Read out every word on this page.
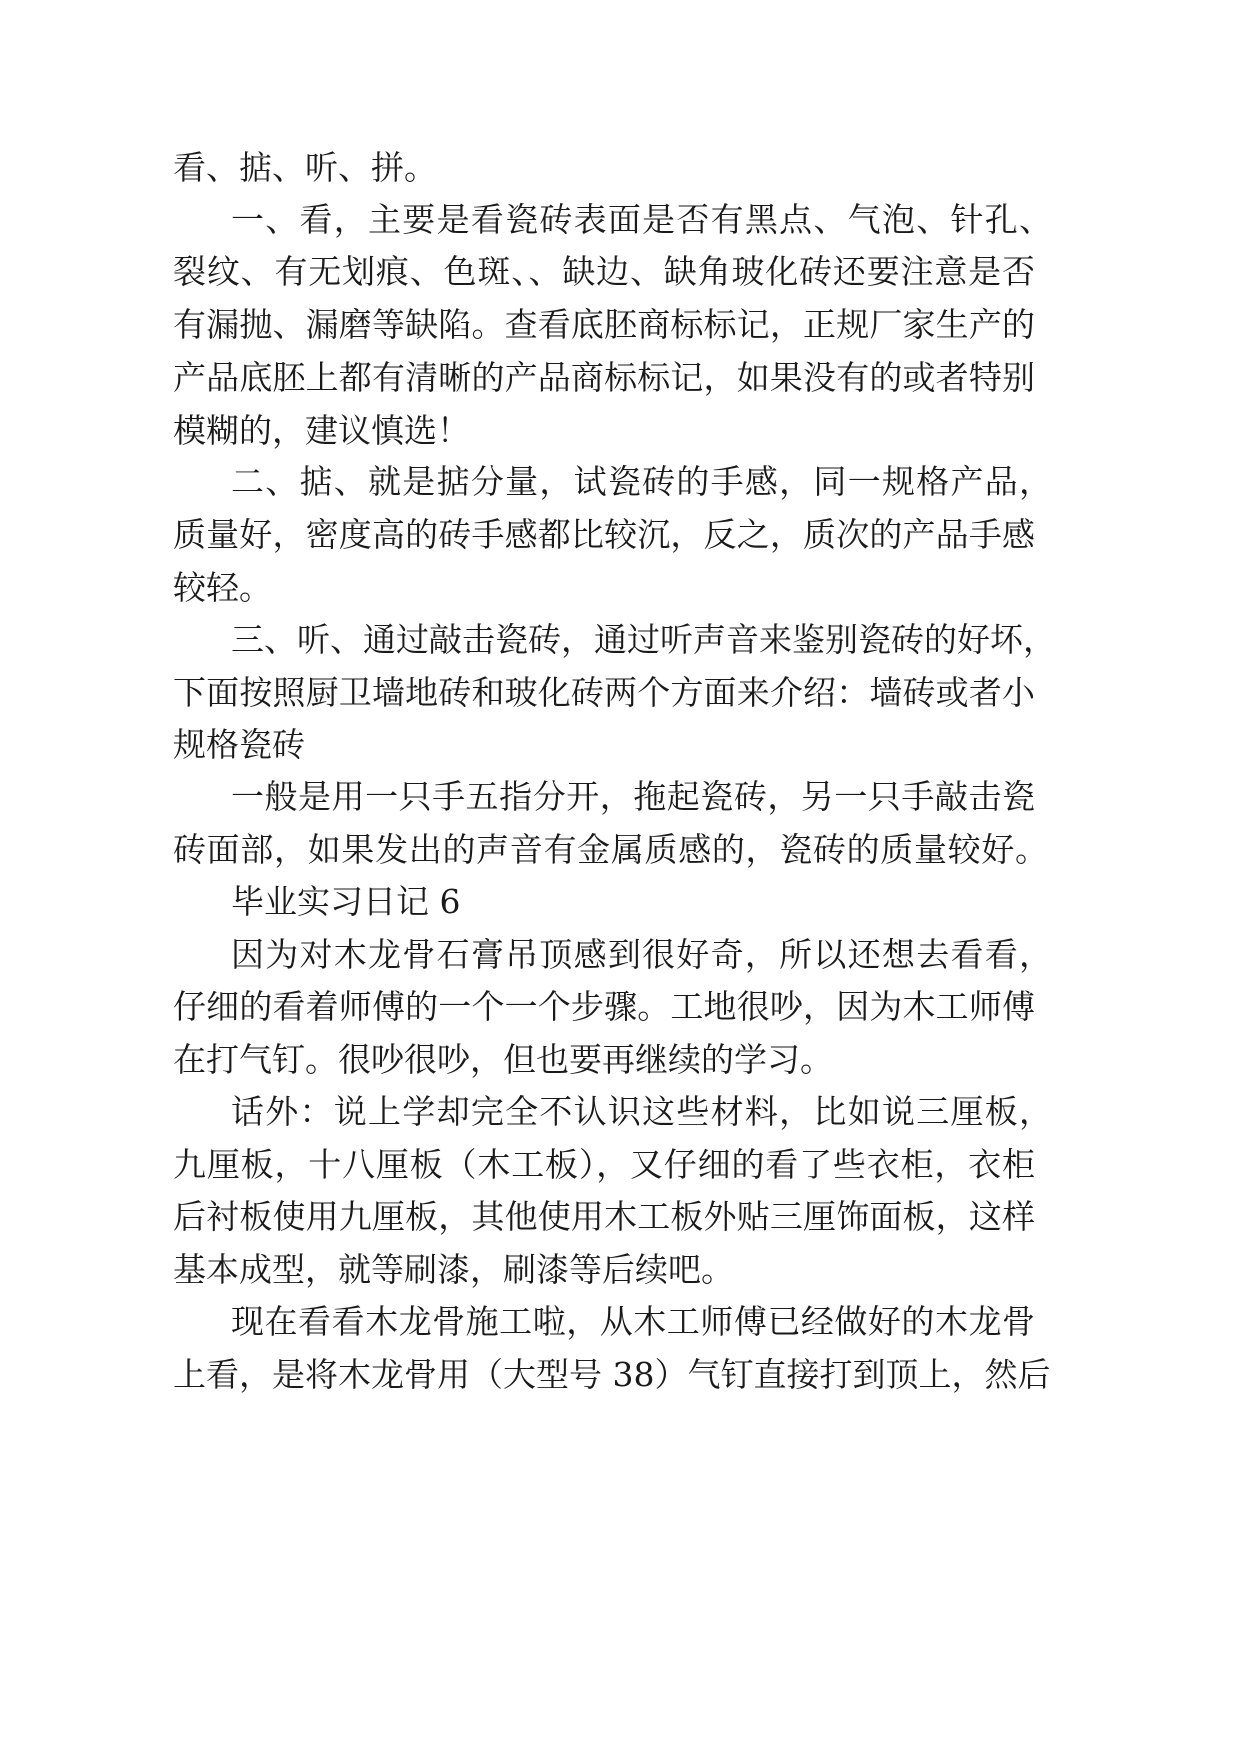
看、掂、听、拼。
一、看，主要是看瓷砖表面是否有黑点、气泡、针孔、
裂纹、有无划痕、色斑、、缺边、缺角玻化砖还要注意是否
有漏抛、漏磨等缺陷。查看底胚商标标记，正规厂家生产的
产品底胚上都有清晰的产品商标标记，如果没有的或者特别
模糊的，建议慎选！
二、掂、就是掂分量，试瓷砖的手感，同一规格产品，
质量好，密度高的砖手感都比较沉，反之，质次的产品手感
较轻。
三、听、通过敲击瓷砖，通过听声音来鉴别瓷砖的好坏，
下面按照厨卫墙地砖和玻化砖两个方面来介绍：墙砖或者小
规格瓷砖
一般是用一只手五指分开，拖起瓷砖，另一只手敲击瓷
砖面部，如果发出的声音有金属质感的，瓷砖的质量较好。
毕业实习日记 6
因为对木龙骨石膏吊顶感到很好奇，所以还想去看看，
仔细的看着师傅的一个一个步骤。工地很吵，因为木工师傅
在打气钉。很吵很吵，但也要再继续的学习。
话外：说上学却完全不认识这些材料，比如说三厘板，
九厘板，十八厘板（木工板），又仔细的看了些衣柜，衣柜
后衬板使用九厘板，其他使用木工板外贴三厘饰面板，这样
基本成型，就等刷漆，刷漆等后续吧。
现在看看木龙骨施工啦，从木工师傅已经做好的木龙骨
上看，是将木龙骨用（大型号 38）气钉直接打到顶上，然后
